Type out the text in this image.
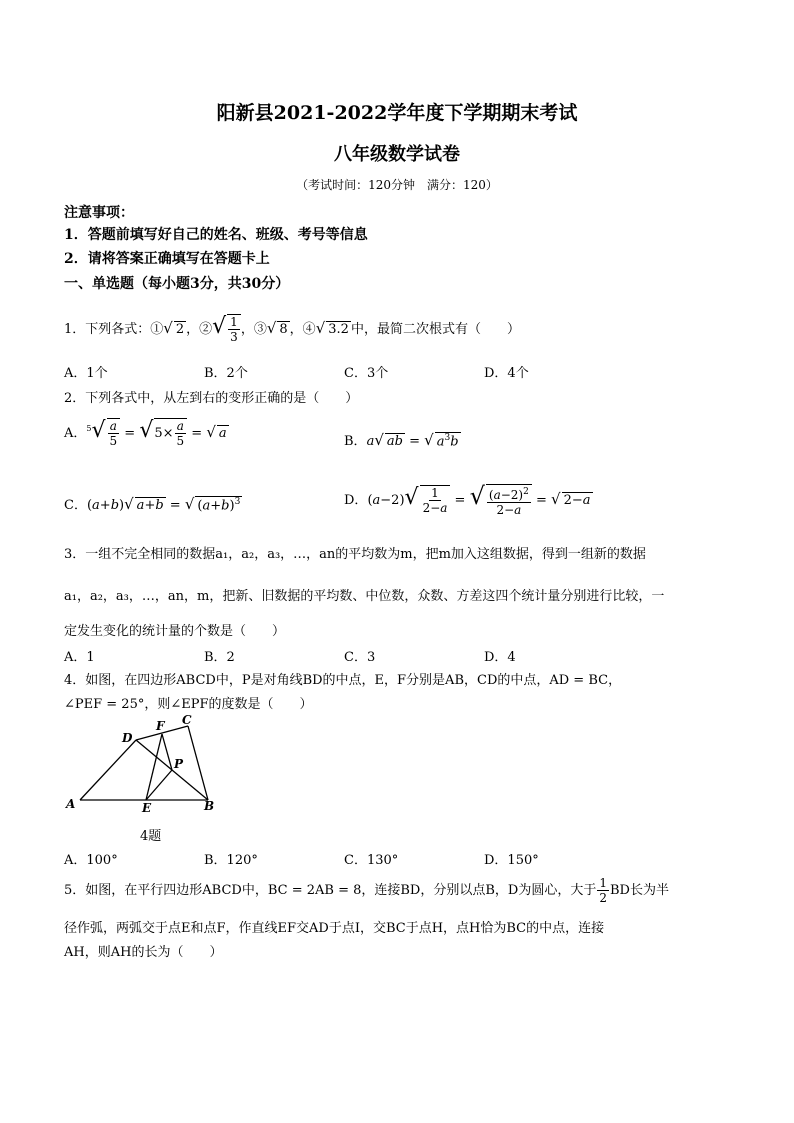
阳新县2021-2022学年度下学期期末考试
八年级数学试卷
（考试时间：120分钟　满分：120）
注意事项：
1．答题前填写好自己的姓名、班级、考号等信息
2．请将答案正确填写在答题卡上
一、单选题（每小题3分，共30分）
1．下列各式：①√ 2 ，②√ $\frac{1}{3}$ ，③√ 8 ，④√ 3.2 中，最简二次根式有（　　）
A．1个	B．2个	C．3个	D．4个
2．下列各式中，从左到右的变形正确的是（　　）
A．$^5√ \frac{a}{5} = √5\times \frac{a}{5}$ = √ a
B．a√ ab = √ $a^3b$
C．(a+b)√ a+b = √ $(a+b)^3$	D．$(a-2)√ \frac{1}{2-a}$ = √ $\frac{(a-2)^2}{2-a}$ = √ 2−a
3．一组不完全相同的数据a₁，a₂，a₃，…，an的平均数为m，把m加入这组数据，得到一组新的数据
a₁，a₂，a₃，…，an，m，把新、旧数据的平均数、中位数，众数、方差这四个统计量分别进行比较，一
定发生变化的统计量的个数是（　　）
A．1	B．2	C．3	D．4
4．如图，在四边形ABCD中，P是对角线BD的中点，E，F分别是AB，CD的中点，AD = BC，
∠PEF = 25°，则∠EPF的度数是（　　）
A	B
C
D
E
F
P
4题
A．100°	B．120°	C．130°	D．150°
5．如图，在平行四边形ABCD中，BC = 2AB = 8，连接BD，分别以点B，D为圆心，大于 $\frac{1}{2}$ BD长为半
径作弧，两弧交于点E和点F，作直线EF交AD于点I，交BC于点H，点H恰为BC的中点，连接
AH，则AH的长为（　　）
